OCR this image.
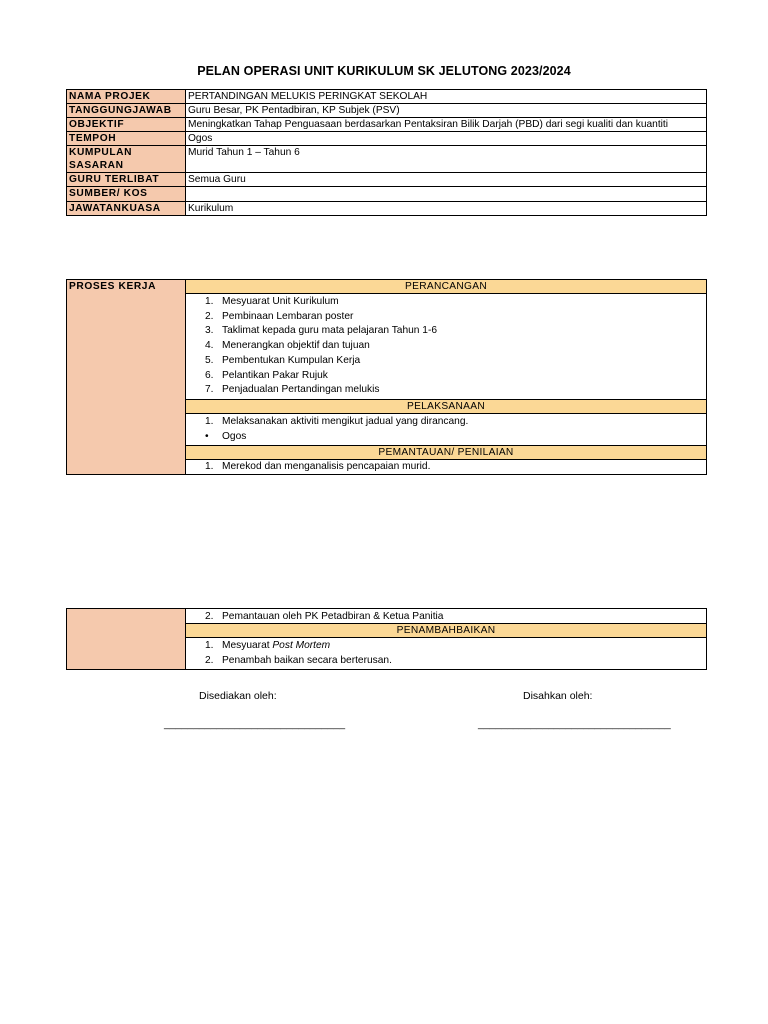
PELAN OPERASI UNIT KURIKULUM SK JELUTONG 2023/2024
NAMA PROJEK	PERTANDINGAN MELUKIS PERINGKAT SEKOLAH
TANGGUNGJAWAB	Guru Besar, PK Pentadbiran, KP Subjek (PSV)
OBJEKTIF	Meningkatkan Tahap Penguasaan berdasarkan Pentaksiran Bilik Darjah (PBD) dari segi kualiti dan kuantiti
TEMPOH	Ogos
KUMPULAN SASARAN	Murid Tahun 1 – Tahun 6
GURU TERLIBAT	Semua Guru
SUMBER/ KOS	
JAWATANKUASA	Kurikulum
PROSES KERJA	PERANCANGAN

1. Mesyuarat Unit Kurikulum
2. Pembinaan Lembaran poster
3. Taklimat kepada guru mata pelajaran Tahun 1-6
4. Menerangkan objektif dan tujuan
5. Pembentukan Kumpulan Kerja
6. Pelantikan Pakar Rujuk
7. Penjadualan Pertandingan melukis

PELAKSANAAN

1. Melaksanakan aktiviti mengikut jadual yang dirancang.
• Ogos

PEMANTAUAN/ PENILAIAN

1. Merekod dan menganalisis pencapaian murid.

2. Pemantauan oleh PK Petadbiran & Ketua Panitia

PENAMBAHBAIKAN

1. Mesyuarat Post Mortem
2. Penambah baikan secara berterusan.
Disediakan oleh:	Disahkan oleh:
_______________________________	_________________________________
